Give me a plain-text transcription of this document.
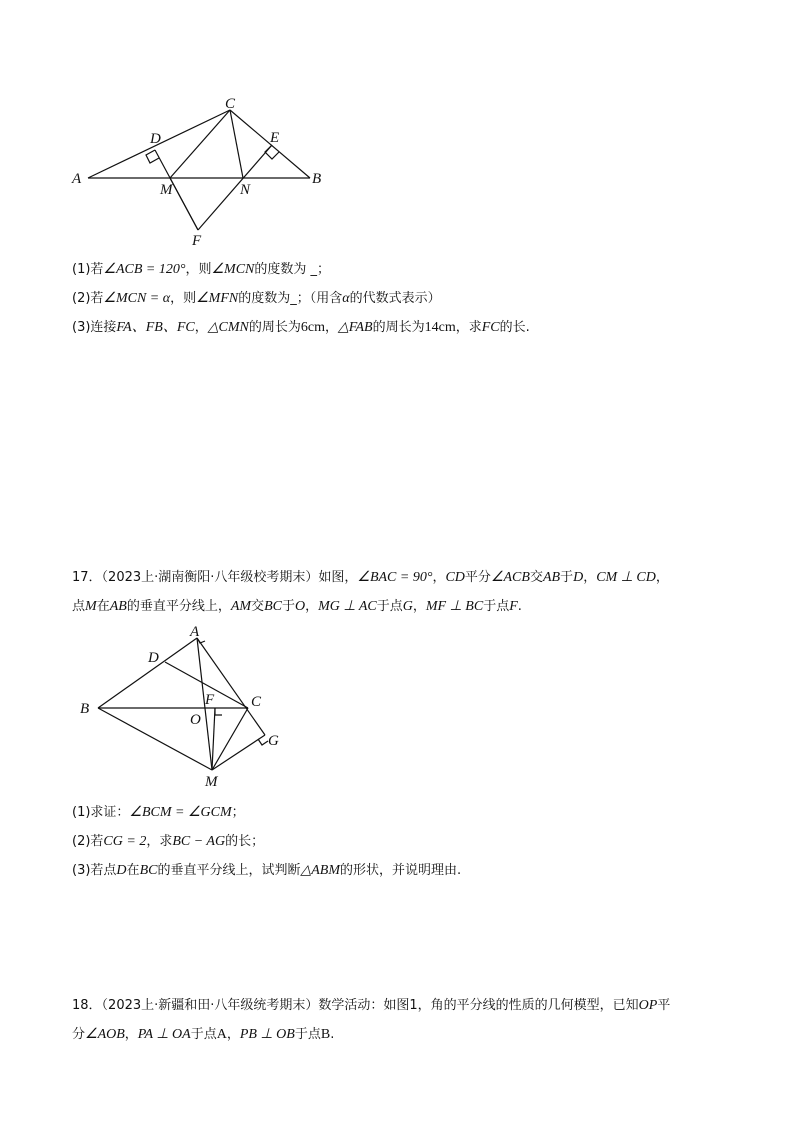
C
D	E
A	B
M	N
F
(1)若∠ACB = 120°，则∠MCN的度数为 _；
(2)若∠MCN = α，则∠MFN的度数为_；（用含α的代数式表示）
(3)连接FA、FB、FC，△CMN的周长为6cm，△FAB的周长为14cm，求FC的长.
17．（2023上·湖南衡阳·八年级校考期末）如图，∠BAC = 90°，CD平分∠ACB交AB于D，CM ⊥ CD，
点M在AB的垂直平分线上，AM交BC于O，MG ⊥ AC于点G，MF ⊥ BC于点F.
A
D
B
F
O
C
G
M
(1)求证：∠BCM = ∠GCM；
(2)若CG = 2，求BC − AG的长；
(3)若点D在BC的垂直平分线上，试判断△ABM的形状，并说明理由.
18．（2023上·新疆和田·八年级统考期末）数学活动：如图1，角的平分线的性质的几何模型，已知OP平
分∠AOB，PA ⊥ OA于点A，PB ⊥ OB于点B.
